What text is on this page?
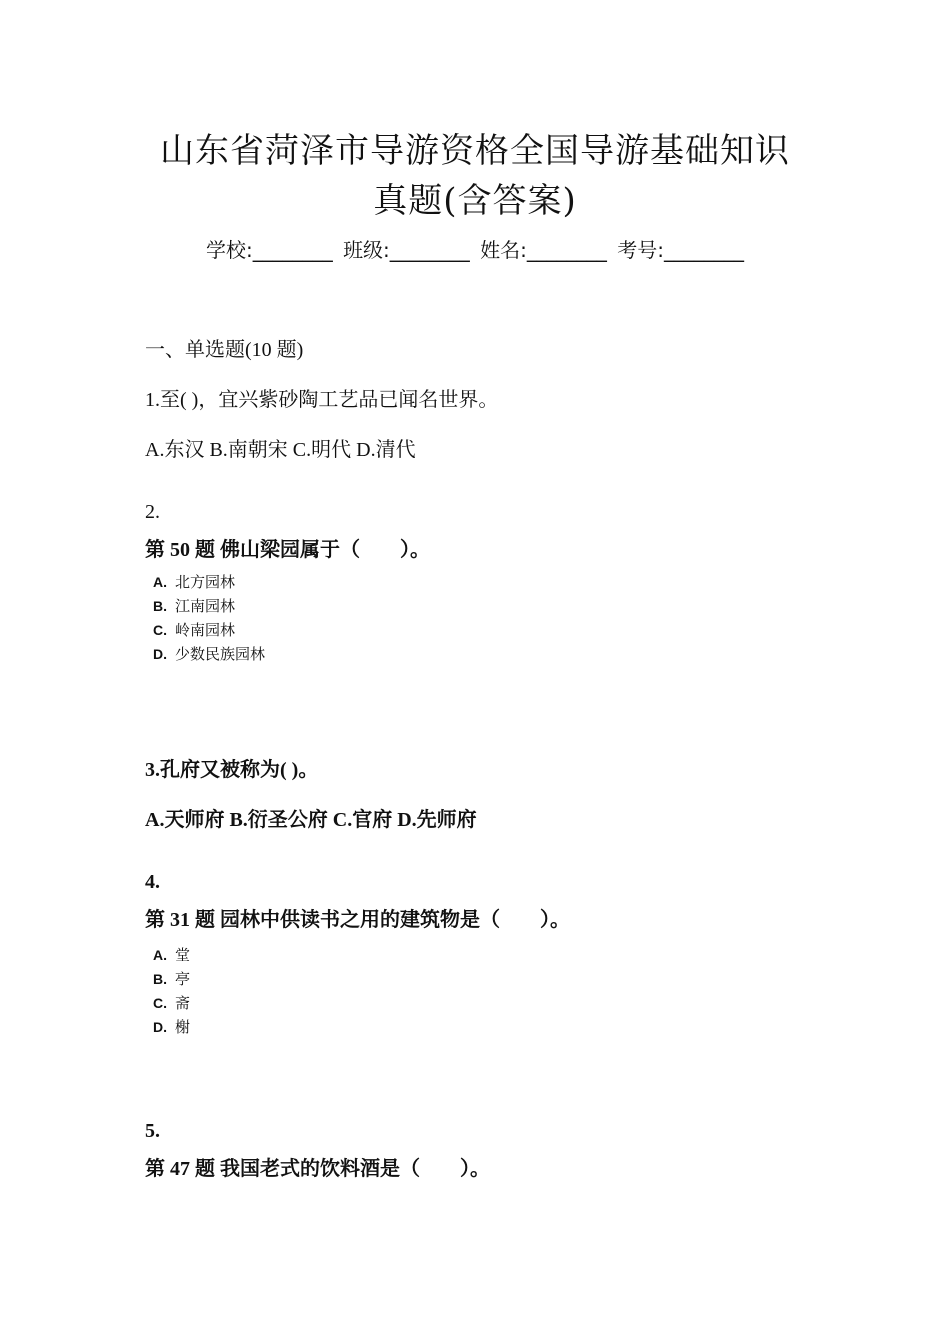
山东省菏泽市导游资格全国导游基础知识
真题(含答案)
学校:________ 班级:________ 姓名:________ 考号:________
一、单选题(10 题)
1.至( )，宜兴紫砂陶工艺品已闻名世界。
A.东汉 B.南朝宋 C.明代 D.清代
2.
第 50 题 佛山梁园属于（　　）。
A. 北方园林
B. 江南园林
C. 岭南园林
D. 少数民族园林
3.孔府又被称为( )。
A.天师府 B.衍圣公府 C.官府 D.先师府
4.
第 31 题 园林中供读书之用的建筑物是（　　）。
A. 堂
B. 亭
C. 斋
D. 榭
5.
第 47 题 我国老式的饮料酒是（　　）。
